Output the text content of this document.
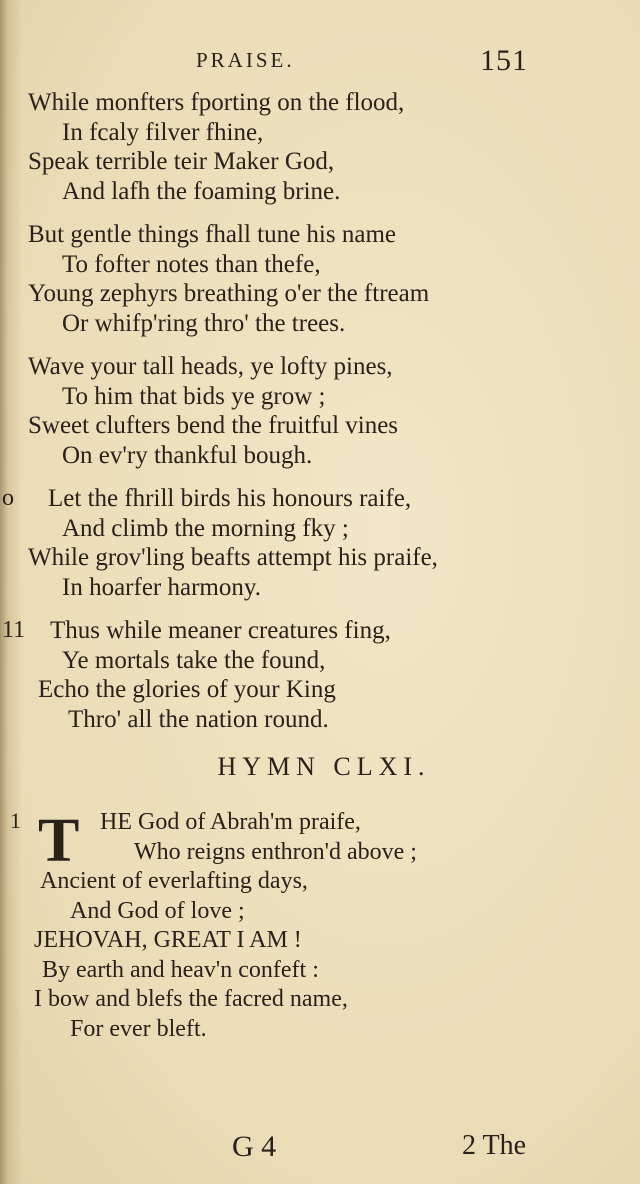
PRAISE.	151
While monfters fporting on the flood,
In fcaly filver fhine,
Speak terrible teir Maker God,
And lafh the foaming brine.
But gentle things fhall tune his name
To fofter notes than thefe,
Young zephyrs breathing o'er the ftream
Or whifp'ring thro' the trees.
Wave your tall heads, ye lofty pines,
To him that bids ye grow ;
Sweet clufters bend the fruitful vines
On ev'ry thankful bough.
o Let the fhrill birds his honours raife,
And climb the morning fky ;
While grov'ling beafts attempt his praife,
In hoarfer harmony.
11 Thus while meaner creatures fing,
Ye mortals take the found,
Echo the glories of your King
Thro' all the nation round.
HYMN CLXI.
1 T HE God of Abrah'm praife,
Who reigns enthron'd above ;
Ancient of everlafting days,
And God of love ;
JEHOVAH, GREAT I AM !
By earth and heav'n confeft :
I bow and blefs the facred name,
For ever bleft.
G 4	2 The
